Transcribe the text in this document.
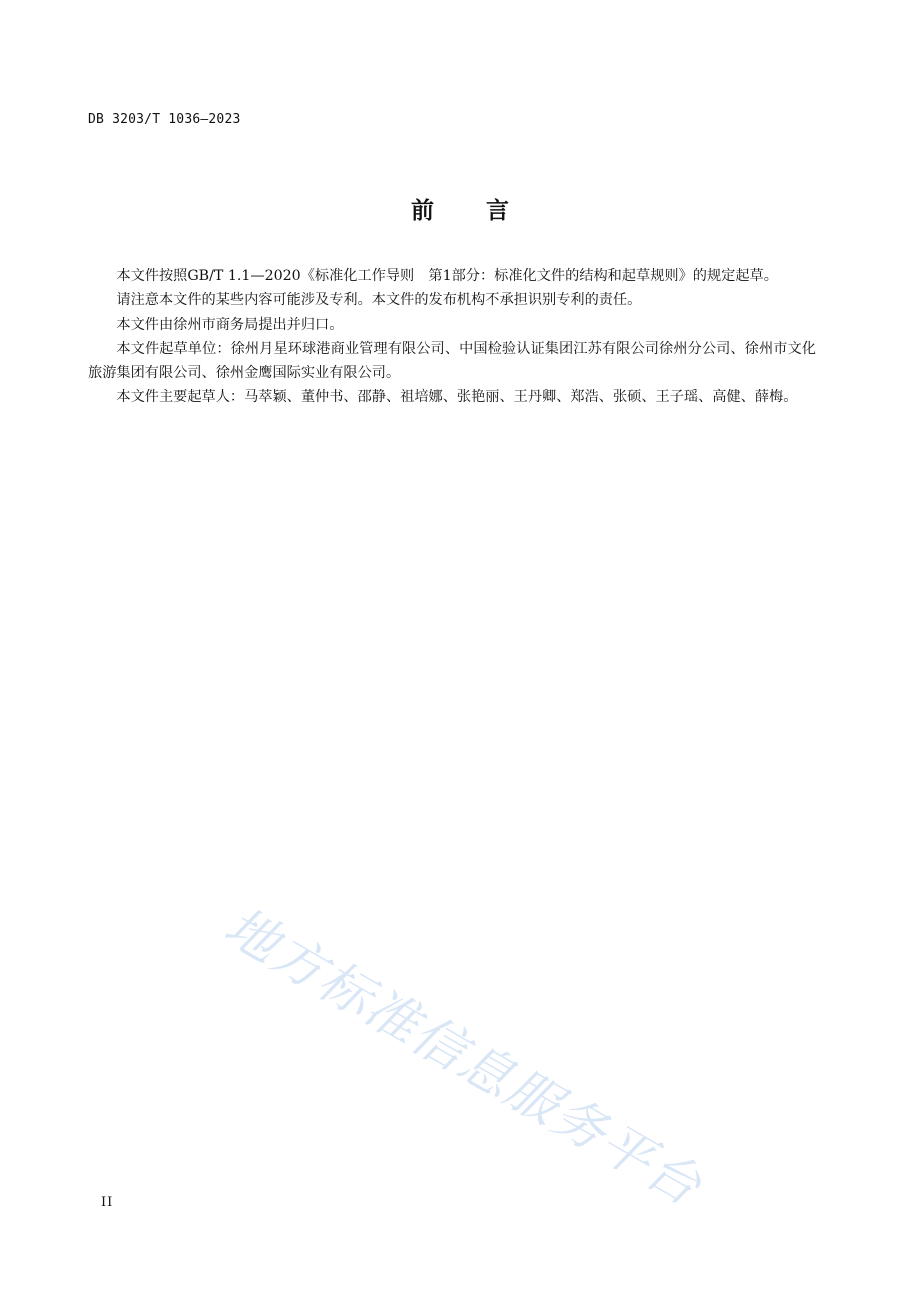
DB 3203/T 1036—2023
前 言

本文件按照GB/T 1.1—2020《标准化工作导则　第1部分：标准化文件的结构和起草规则》的规定起草。

请注意本文件的某些内容可能涉及专利。本文件的发布机构不承担识别专利的责任。

本文件由徐州市商务局提出并归口。

本文件起草单位：徐州月星环球港商业管理有限公司、中国检验认证集团江苏有限公司徐州分公司、徐州市文化旅游集团有限公司、徐州金鹰国际实业有限公司。

本文件主要起草人：马萃颖、董仲书、邵静、祖培娜、张艳丽、王丹卿、郑浩、张硕、王子瑶、高健、薛梅。

地方标准信息服务平台
II
